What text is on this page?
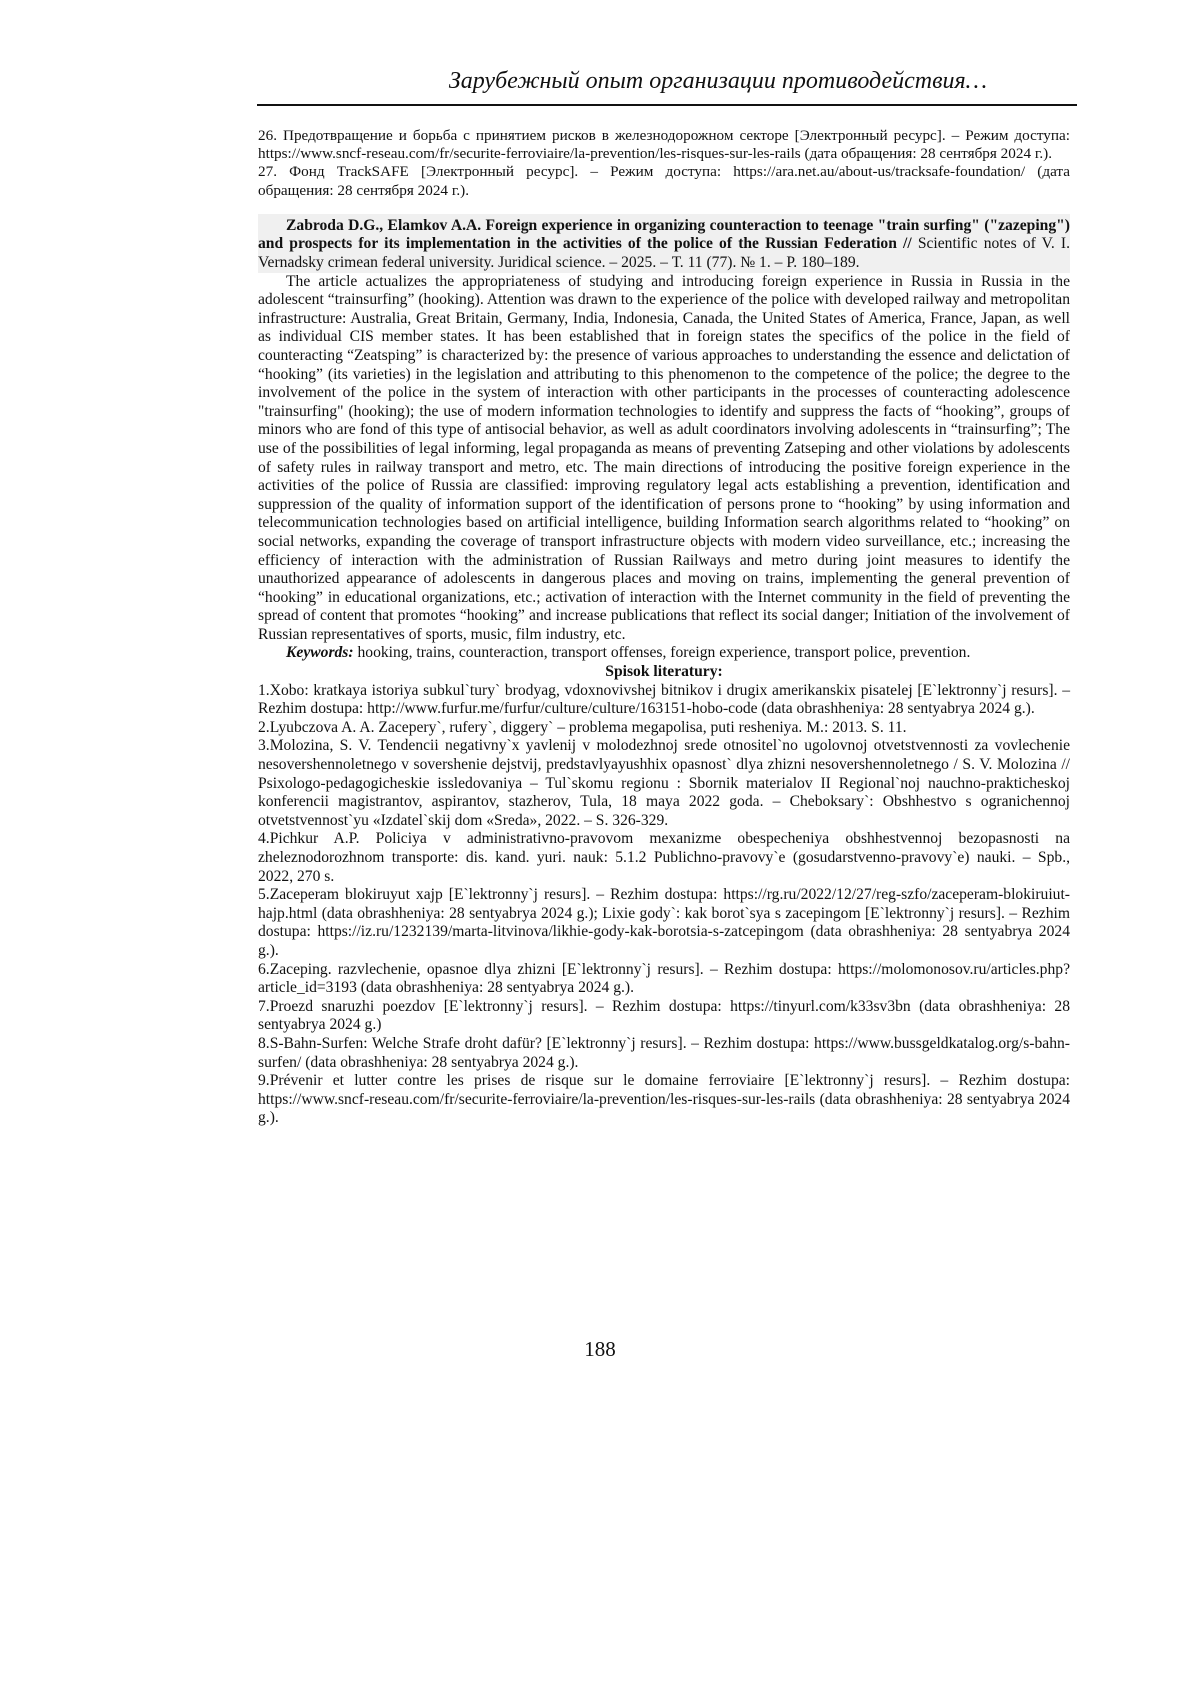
Зарубежный опыт организации противодействия…

26. Предотвращение и борьба с принятием рисков в железнодорожном секторе [Электронный ресурс]. – Режим доступа: https://www.sncf-reseau.com/fr/securite-ferroviaire/la-prevention/les-risques-sur-les-rails (дата обращения: 28 сентября 2024 г.).

27. Фонд TrackSAFE [Электронный ресурс]. – Режим доступа: https://ara.net.au/about-us/tracksafe-foundation/ (дата обращения: 28 сентября 2024 г.).

Zabroda D.G., Elamkov A.A. Foreign experience in organizing counteraction to teenage "train surfing" ("zazeping") and prospects for its implementation in the activities of the police of the Russian Federation // Scientific notes of V. I. Vernadsky crimean federal university. Juridical science. – 2025. – Т. 11 (77). № 1. – P. 180–189.

The article actualizes the appropriateness of studying and introducing foreign experience in Russia in Russia in the adolescent “trainsurfing” (hooking). Attention was drawn to the experience of the police with developed railway and metropolitan infrastructure: Australia, Great Britain, Germany, India, Indonesia, Canada, the United States of America, France, Japan, as well as individual CIS member states. It has been established that in foreign states the specifics of the police in the field of counteracting “Zeatsping” is characterized by: the presence of various approaches to understanding the essence and delictation of “hooking” (its varieties) in the legislation and attributing to this phenomenon to the competence of the police; the degree to the involvement of the police in the system of interaction with other participants in the processes of counteracting adolescence "trainsurfing" (hooking); the use of modern information technologies to identify and suppress the facts of “hooking”, groups of minors who are fond of this type of antisocial behavior, as well as adult coordinators involving adolescents in “trainsurfing”; The use of the possibilities of legal informing, legal propaganda as means of preventing Zatseping and other violations by adolescents of safety rules in railway transport and metro, etc. The main directions of introducing the positive foreign experience in the activities of the police of Russia are classified: improving regulatory legal acts establishing a prevention, identification and suppression of the quality of information support of the identification of persons prone to “hooking” by using information and telecommunication technologies based on artificial intelligence, building Information search algorithms related to “hooking” on social networks, expanding the coverage of transport infrastructure objects with modern video surveillance, etc.; increasing the efficiency of interaction with the administration of Russian Railways and metro during joint measures to identify the unauthorized appearance of adolescents in dangerous places and moving on trains, implementing the general prevention of “hooking” in educational organizations, etc.; activation of interaction with the Internet community in the field of preventing the spread of content that promotes “hooking” and increase publications that reflect its social danger; Initiation of the involvement of Russian representatives of sports, music, film industry, etc.

Keywords: hooking, trains, counteraction, transport offenses, foreign experience, transport police, prevention.

Spisok literatury:

1.Xobo: kratkaya istoriya subkul`tury` brodyag, vdoxnovivshej bitnikov i drugix amerikanskix pisatelej [E`lektronny`j resurs]. – Rezhim dostupa: http://www.furfur.me/furfur/culture/culture/163151-hobo-code (data obrashheniya: 28 sentyabrya 2024 g.).

2.Lyubczova A. A. Zacepery`, rufery`, diggery` – problema megapolisa, puti resheniya. M.: 2013. S. 11.

3.Molozina, S. V. Tendencii negativny`x yavlenij v molodezhnoj srede otnositel`no ugolovnoj otvetstvennosti za vovlechenie nesovershennoletnego v sovershenie dejstvij, predstavlyayushhix opasnost` dlya zhizni nesovershennoletnego / S. V. Molozina // Psixologo-pedagogicheskie issledovaniya – Tul`skomu regionu : Sbornik materialov II Regional`noj nauchno-prakticheskoj konferencii magistrantov, aspirantov, stazherov, Tula, 18 maya 2022 goda. – Cheboksary`: Obshhestvo s ogranichennoj otvetstvennost`yu «Izdatel`skij dom «Sreda», 2022. – S. 326-329.

4.Pichkur A.P. Policiya v administrativno-pravovom mexanizme obespecheniya obshhestvennoj bezopasnosti na zheleznodorozhnom transporte: dis. kand. yuri. nauk: 5.1.2 Publichno-pravovy`e (gosudarstvenno-pravovy`e) nauki. – Spb., 2022, 270 s.

5.Zaceperam blokiruyut xajp [E`lektronny`j resurs]. – Rezhim dostupa: https://rg.ru/2022/12/27/reg-szfo/zaceperam-blokiruiut-hajp.html (data obrashheniya: 28 sentyabrya 2024 g.); Lixie gody`: kak borot`sya s zacepingom [E`lektronny`j resurs]. – Rezhim dostupa: https://iz.ru/1232139/marta-litvinova/likhie-gody-kak-borotsia-s-zatcepingom (data obrashheniya: 28 sentyabrya 2024 g.).

6.Zaceping. razvlechenie, opasnoe dlya zhizni [E`lektronny`j resurs]. – Rezhim dostupa: https://molomonosov.ru/articles.php?article_id=3193 (data obrashheniya: 28 sentyabrya 2024 g.).

7.Proezd snaruzhi poezdov [E`lektronny`j resurs]. – Rezhim dostupa: https://tinyurl.com/k33sv3bn (data obrashheniya: 28 sentyabrya 2024 g.)

8.S-Bahn-Surfen: Welche Strafe droht dafür? [E`lektronny`j resurs]. – Rezhim dostupa: https://www.bussgeldkatalog.org/s-bahn-surfen/ (data obrashheniya: 28 sentyabrya 2024 g.).

9.Prévenir et lutter contre les prises de risque sur le domaine ferroviaire [E`lektronny`j resurs]. – Rezhim dostupa: https://www.sncf-reseau.com/fr/securite-ferroviaire/la-prevention/les-risques-sur-les-rails (data obrashheniya: 28 sentyabrya 2024 g.).

188
